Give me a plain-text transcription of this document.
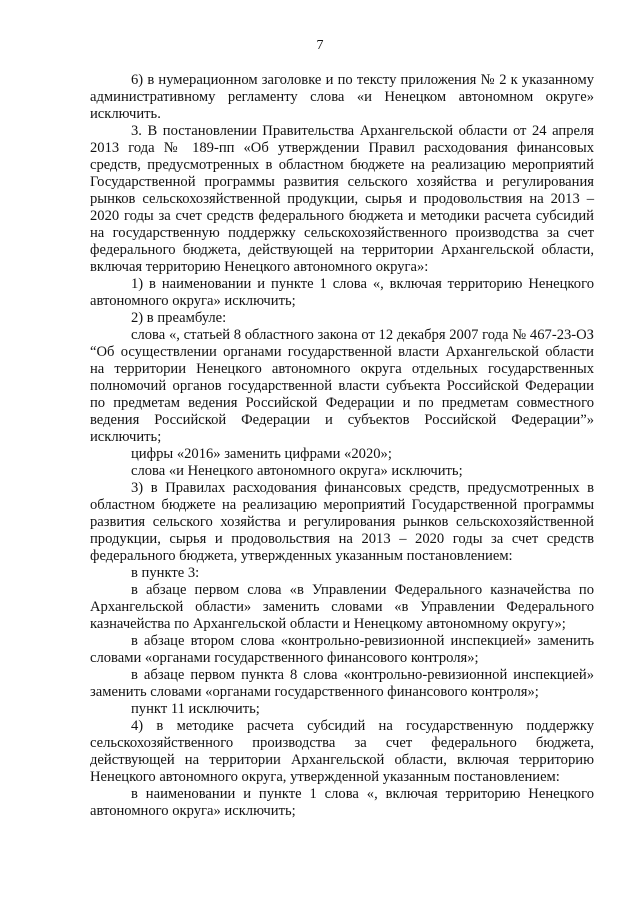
7

6) в нумерационном заголовке и по тексту приложения № 2 к указанному административному регламенту слова «и Ненецком автономном округе» исключить.

3. В постановлении Правительства Архангельской области от 24 апреля 2013 года № 189-пп «Об утверждении Правил расходования финансовых средств, предусмотренных в областном бюджете на реализацию мероприятий Государственной программы развития сельского хозяйства и регулирования рынков сельскохозяйственной продукции, сырья и продовольствия на 2013 – 2020 годы за счет средств федерального бюджета и методики расчета субсидий на государственную поддержку сельскохозяйственного производства за счет федерального бюджета, действующей на территории Архангельской области, включая территорию Ненецкого автономного округа»:

1) в наименовании и пункте 1 слова «, включая территорию Ненецкого автономного округа» исключить;

2) в преамбуле:

слова «, статьей 8 областного закона от 12 декабря 2007 года № 467-23-ОЗ “Об осуществлении органами государственной власти Архангельской области на территории Ненецкого автономного округа отдельных государственных полномочий органов государственной власти субъекта Российской Федерации по предметам ведения Российской Федерации и по предметам совместного ведения Российской Федерации и субъектов Российской Федерации”» исключить;

цифры «2016» заменить цифрами «2020»;

слова «и Ненецкого автономного округа» исключить;

3) в Правилах расходования финансовых средств, предусмотренных в областном бюджете на реализацию мероприятий Государственной программы развития сельского хозяйства и регулирования рынков сельскохозяйственной продукции, сырья и продовольствия на 2013 – 2020 годы за счет средств федерального бюджета, утвержденных указанным постановлением:

в пункте 3:

в абзаце первом слова «в Управлении Федерального казначейства по Архангельской области» заменить словами «в Управлении Федерального казначейства по Архангельской области и Ненецкому автономному округу»;

в абзаце втором слова «контрольно-ревизионной инспекцией» заменить словами «органами государственного финансового контроля»;

в абзаце первом пункта 8 слова «контрольно-ревизионной инспекцией» заменить словами «органами государственного финансового контроля»;

пункт 11 исключить;

4) в методике расчета субсидий на государственную поддержку сельскохозяйственного производства за счет федерального бюджета, действующей на территории Архангельской области, включая территорию Ненецкого автономного округа, утвержденной указанным постановлением:

в наименовании и пункте 1 слова «, включая территорию Ненецкого автономного округа» исключить;
